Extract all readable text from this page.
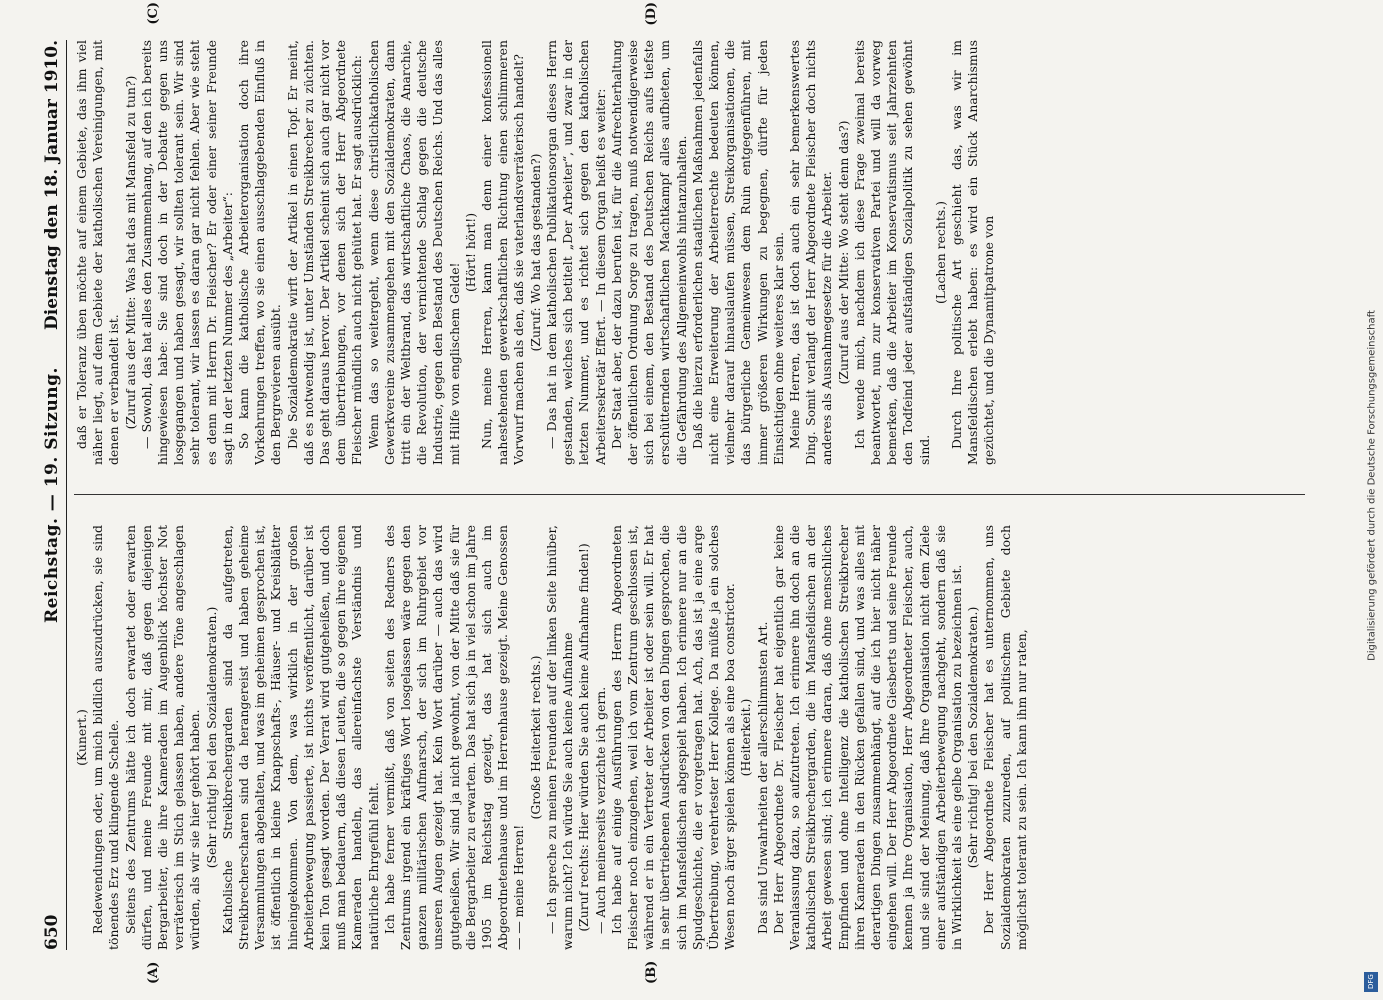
650
Reichstag. — 19. Sitzung.
Dienstag den 18. Januar 1910.
(A)	(B)
(C)	(D)

(Kunert.) Redewendungen oder, um mich bildlich auszudrücken, sie sind tönendes Erz und klingende Schelle. Seitens des Zentrums hätte ich doch erwartet oder erwarten dürfen, und meine Freunde mit mir, daß gegen diejenigen Bergarbeiter, die ihre Kameraden im Augenblick höchster Not verräterisch im Stich gelassen haben, andere Töne angeschlagen würden, als wir sie hier gehört haben. (Sehr richtig! bei den Sozialdemokraten.) Katholische Streikbrechergarden sind da aufgetreten, Streikbrecherscharen sind da herangereist und haben geheime Versammlungen abgehalten, und was im geheimen gesprochen ist, ist öffentlich in kleine Knappschafts-, Häuser- und Kreisblätter hineingekommen. Von dem, was wirklich in der großen Arbeiterbewegung passierte, ist nichts veröffentlicht, darüber ist kein Ton gesagt worden. Der Verrat wird gutgeheißen, und doch muß man bedauern, daß diesen Leuten, die so gegen ihre eigenen Kameraden handeln, das allereinfachste Verständnis und natürliche Ehrgefühl fehlt. Ich habe ferner vermißt, daß von seiten des Redners des Zentrums irgend ein kräftiges Wort losgelassen wäre gegen den ganzen militärischen Aufmarsch, der sich im Ruhrgebiet vor unseren Augen gezeigt hat. Kein Wort darüber — auch das wird gutgeheißen. Wir sind ja nicht gewohnt, von der Mitte daß sie für die Bergarbeiter zu erwarten. Das hat sich ja in viel schon im Jahre 1905 im Reichstag gezeigt, das hat sich auch im Abgeordnetenhause und im Herrenhause gezeigt. Meine Genossen — — meine Herren!

(Große Heiterkeit rechts.) — Ich spreche zu meinen Freunden auf der linken Seite hinüber, warum nicht? Ich würde Sie auch keine Aufnahme (Zuruf rechts: Hier würden Sie auch keine Aufnahme finden!) — Auch meinerseits verzichte ich gern. Ich habe auf einige Ausführungen des Herrn Abgeordneten Fleischer noch einzugehen, weil ich vom Zentrum geschlossen ist, während er in ein Vertreter der Arbeiter ist oder sein will. Er hat in sehr übertriebenen Ausdrücken von den Dingen gesprochen, die sich im Mansfeldischen abgespielt haben. Ich erinnere nur an die Spudgeschichte, die er vorgetragen hat. Ach, das ist ja eine arge Übertreibung, verehrtester Herr Kollege. Da müßte ja ein solches Wesen noch ärger spielen können als eine boa constrictor. (Heiterkeit.) Das sind Unwahrheiten der allerschlimmsten Art. Der Herr Abgeordnete Dr. Fleischer hat eigentlich gar keine Veranlassung dazu, so aufzutreten. Ich erinnere ihn doch an die katholischen Streikbrechergarden, die im Mansfeldischen an der Arbeit gewesen sind; ich erinnere daran, daß ohne menschliches Empfinden und ohne Intelligenz die katholischen Streikbrecher ihren Kameraden in den Rücken gefallen sind, und was alles mit derartigen Dingen zusammenhängt, auf die ich hier nicht näher eingehen will. Der Herr Abgeordnete Giesberts und seine Freunde kennen ja Ihre Organisation, Herr Abgeordneter Fleischer, auch, und sie sind der Meinung, daß Ihre Organisation nicht dem Ziele einer aufständigen Arbeiterbewegung nachgeht, sondern daß sie in Wirklichkeit als eine gelbe Organisation zu bezeichnen ist. (Sehr richtig! bei den Sozialdemokraten.) Der Herr Abgeordnete Fleischer hat es unternommen, uns Sozialdemokraten zuzureden, auf politischem Gebiete doch möglichst tolerant zu sein. Ich kann ihm nur raten,

daß er Toleranz üben möchte auf einem Gebiete, das ihm viel näher liegt, auf dem Gebiete der katholischen Vereinigungen, mit denen er verbandelt ist. (Zuruf aus der Mitte: Was hat das mit Mansfeld zu tun?) — Sowohl, das hat alles den Zusammenhang, auf den ich bereits hingewiesen habe: Sie sind doch in der Debatte gegen uns losgegangen und haben gesagt, wir sollten tolerant sein. Wir sind sehr tolerant, wir lassen es daran gar nicht fehlen. Aber wie steht es denn mit Herrn Dr. Fleischer? Er oder einer seiner Freunde sagt in der letzten Nummer des „Arbeiter“: So kann die katholische Arbeiterorganisation doch ihre Vorkehrungen treffen, wo sie einen ausschlaggebenden Einfluß in den Bergrevieren ausübt. Die Sozialdemokratie wirft der Artikel in einen Topf. Er meint, daß es notwendig ist, unter Umständen Streikbrecher zu züchten. Das geht daraus hervor. Der Artikel scheint sich auch gar nicht vor dem übertriebungen, vor denen sich der Herr Abgeordnete Fleischer mündlich auch nicht gehütet hat. Er sagt ausdrücklich: Wenn das so weitergeht, wenn diese christlichkatholischen Gewerkvereine zusammengehen mit den Sozialdemokraten, dann tritt ein der Weltbrand, das wirtschaftliche Chaos, die Anarchie, die Revolution, der vernichtende Schlag gegen die deutsche Industrie, gegen den Bestand des Deutschen Reichs. Und das alles mit Hilfe von englischem Gelde!

(Hört! hört!) Nun, meine Herren, kann man denn einer konfessionell nahestehenden gewerkschaftlichen Richtung einen schlimmeren Vorwurf machen als den, daß sie vaterlandsverräterisch handelt? (Zuruf: Wo hat das gestanden?) — Das hat in dem katholischen Publikationsorgan dieses Herrn gestanden, welches sich betitelt „Der Arbeiter“, und zwar in der letzten Nummer, und es richtet sich gegen den katholischen Arbeitersekretär Effert. — In diesem Organ heißt es weiter: Der Staat aber, der dazu berufen ist, für die Aufrechterhaltung der öffentlichen Ordnung Sorge zu tragen, muß notwendigerweise sich bei einem, den Bestand des Deutschen Reichs aufs tiefste erschütternden wirtschaftlichen Machtkampf alles aufbieten, um die Gefährdung des Allgemeinwohls hintanzuhalten. Daß die hierzu erforderlichen staatlichen Maßnahmen jedenfalls nicht eine Erweiterung der Arbeiterrechte bedeuten können, vielmehr darauf hinauslaufen müssen, Streikorganisationen, die das bürgerliche Gemeinwesen dem Ruin entgegenführen, mit immer größeren Wirkungen zu begegnen, dürfte für jeden Einsichtigen ohne weiteres klar sein. Meine Herren, das ist doch auch ein sehr bemerkenswertes Ding. Somit verlangt der Herr Abgeordnete Fleischer doch nichts anderes als Ausnahmegesetze für die Arbeiter. (Zuruf aus der Mitte: Wo steht denn das?) Ich wende mich, nachdem ich diese Frage zweimal bereits beantwortet, nun zur konservativen Partei und will da vorweg bemerken, daß die Arbeiter im Konservatismus seit Jahrzehnten den Todfeind jeder aufständigen Sozialpolitik zu sehen gewöhnt sind.

(Lachen rechts.) Durch Ihre politische Art geschieht das, was wir im Mansfeldischen erlebt haben: es wird ein Stück Anarchismus gezüchtet, und die Dynamitpatrone von	Digitalisierung gefördert durch die Deutsche Forschungsgemeinschaft
DFG
